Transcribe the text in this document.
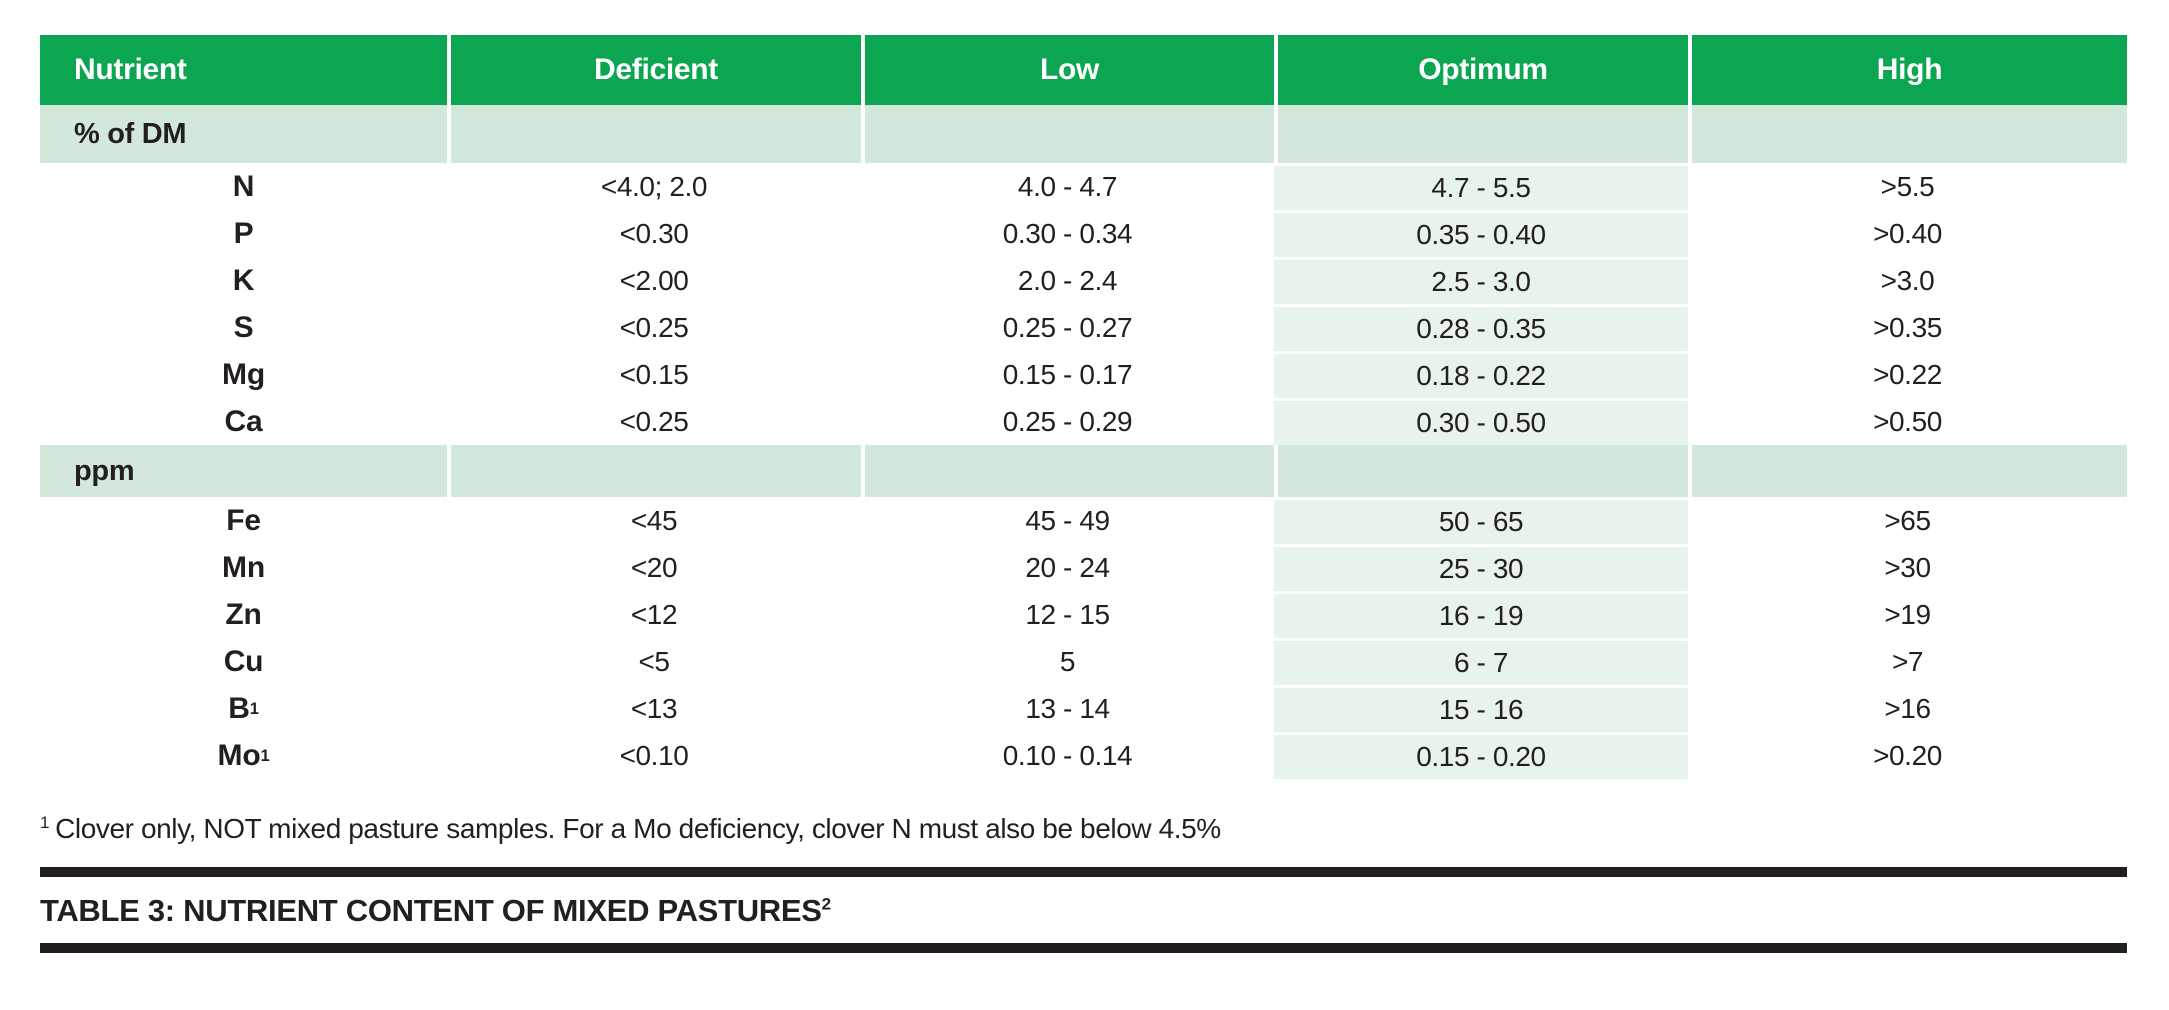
Nutrient	Deficient	Low	Optimum	High
% of DM
N	<4.0; 2.0	4.0 - 4.7	4.7 - 5.5	>5.5
P	<0.30	0.30 - 0.34	0.35 - 0.40	>0.40
K	<2.00	2.0 - 2.4	2.5 - 3.0	>3.0
S	<0.25	0.25 - 0.27	0.28 - 0.35	>0.35
Mg	<0.15	0.15 - 0.17	0.18 - 0.22	>0.22
Ca	<0.25	0.25 - 0.29	0.30 - 0.50	>0.50
ppm
Fe	<45	45 - 49	50 - 65	>65
Mn	<20	20 - 24	25 - 30	>30
Zn	<12	12 - 15	16 - 19	>19
Cu	<5	5	6 - 7	>7
B 1	<13	13 - 14	15 - 16	>16
Mo 1	<0.10	0.10 - 0.14	0.15 - 0.20	>0.20
$^1$ Clover only, NOT mixed pasture samples. For a Mo deficiency, clover N must also be below 4.5%
TABLE 3: NUTRIENT CONTENT OF MIXED PASTURES$^2$
